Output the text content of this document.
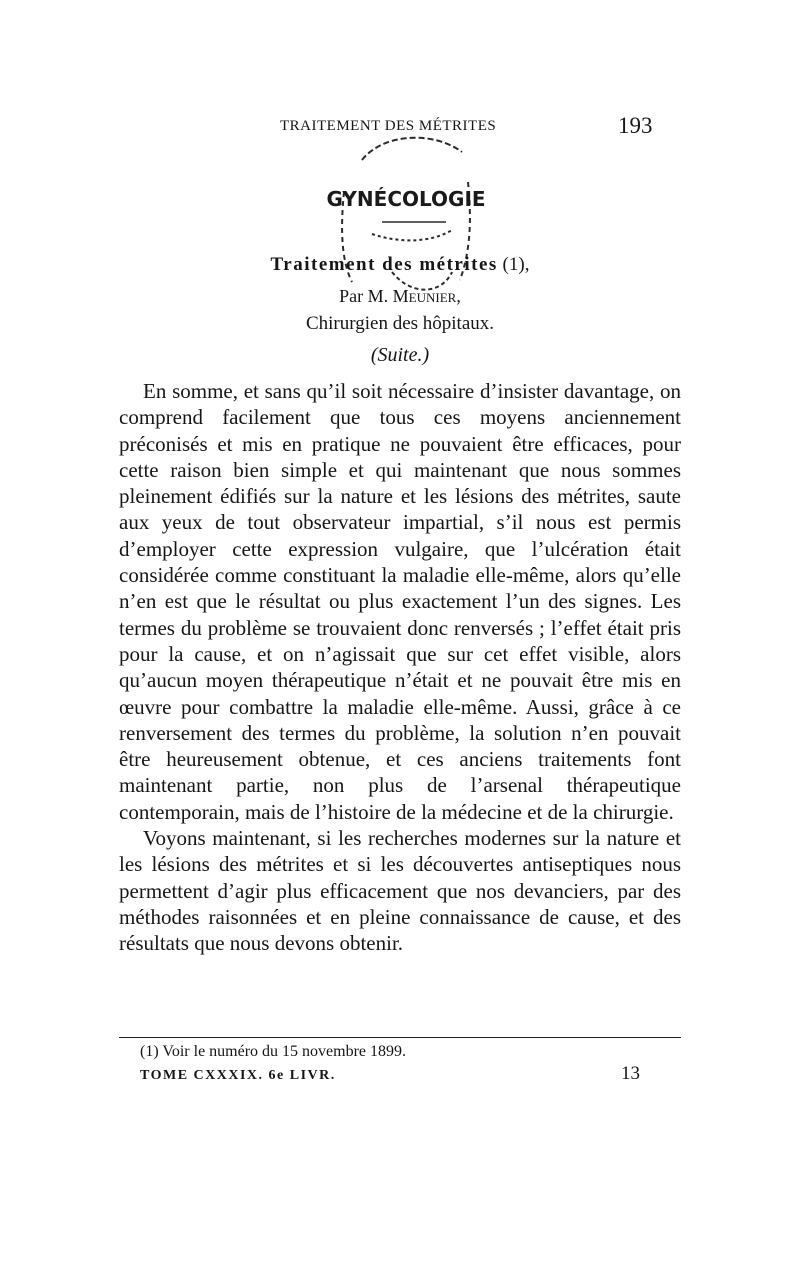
TRAITEMENT DES MÉTRITES	193
GYNÉCOLOGIE
Traitement des métrites (1),
Par M. Meunier,
Chirurgien des hôpitaux.
(Suite.)

En somme, et sans qu’il soit nécessaire d’insister davantage, on comprend facilement que tous ces moyens anciennement préconisés et mis en pratique ne pouvaient être efficaces, pour cette raison bien simple et qui maintenant que nous sommes pleinement édifiés sur la nature et les lésions des métrites, saute aux yeux de tout observateur impartial, s’il nous est permis d’employer cette expression vulgaire, que l’ulcération était considérée comme constituant la maladie elle-même, alors qu’elle n’en est que le résultat ou plus exactement l’un des signes. Les termes du problème se trouvaient donc renversés ; l’effet était pris pour la cause, et on n’agissait que sur cet effet visible, alors qu’aucun moyen thérapeutique n’était et ne pouvait être mis en œuvre pour combattre la maladie elle-même. Aussi, grâce à ce renversement des termes du problème, la solution n’en pouvait être heureusement obtenue, et ces anciens traitements font maintenant partie, non plus de l’arsenal thérapeutique contemporain, mais de l’histoire de la médecine et de la chirurgie.

Voyons maintenant, si les recherches modernes sur la nature et les lésions des métrites et si les découvertes antiseptiques nous permettent d’agir plus efficacement que nos devanciers, par des méthodes raisonnées et en pleine connaissance de cause, et des résultats que nous devons obtenir.

(1) Voir le numéro du 15 novembre 1899.
TOME CXXXIX. 6e LIVR.	13
